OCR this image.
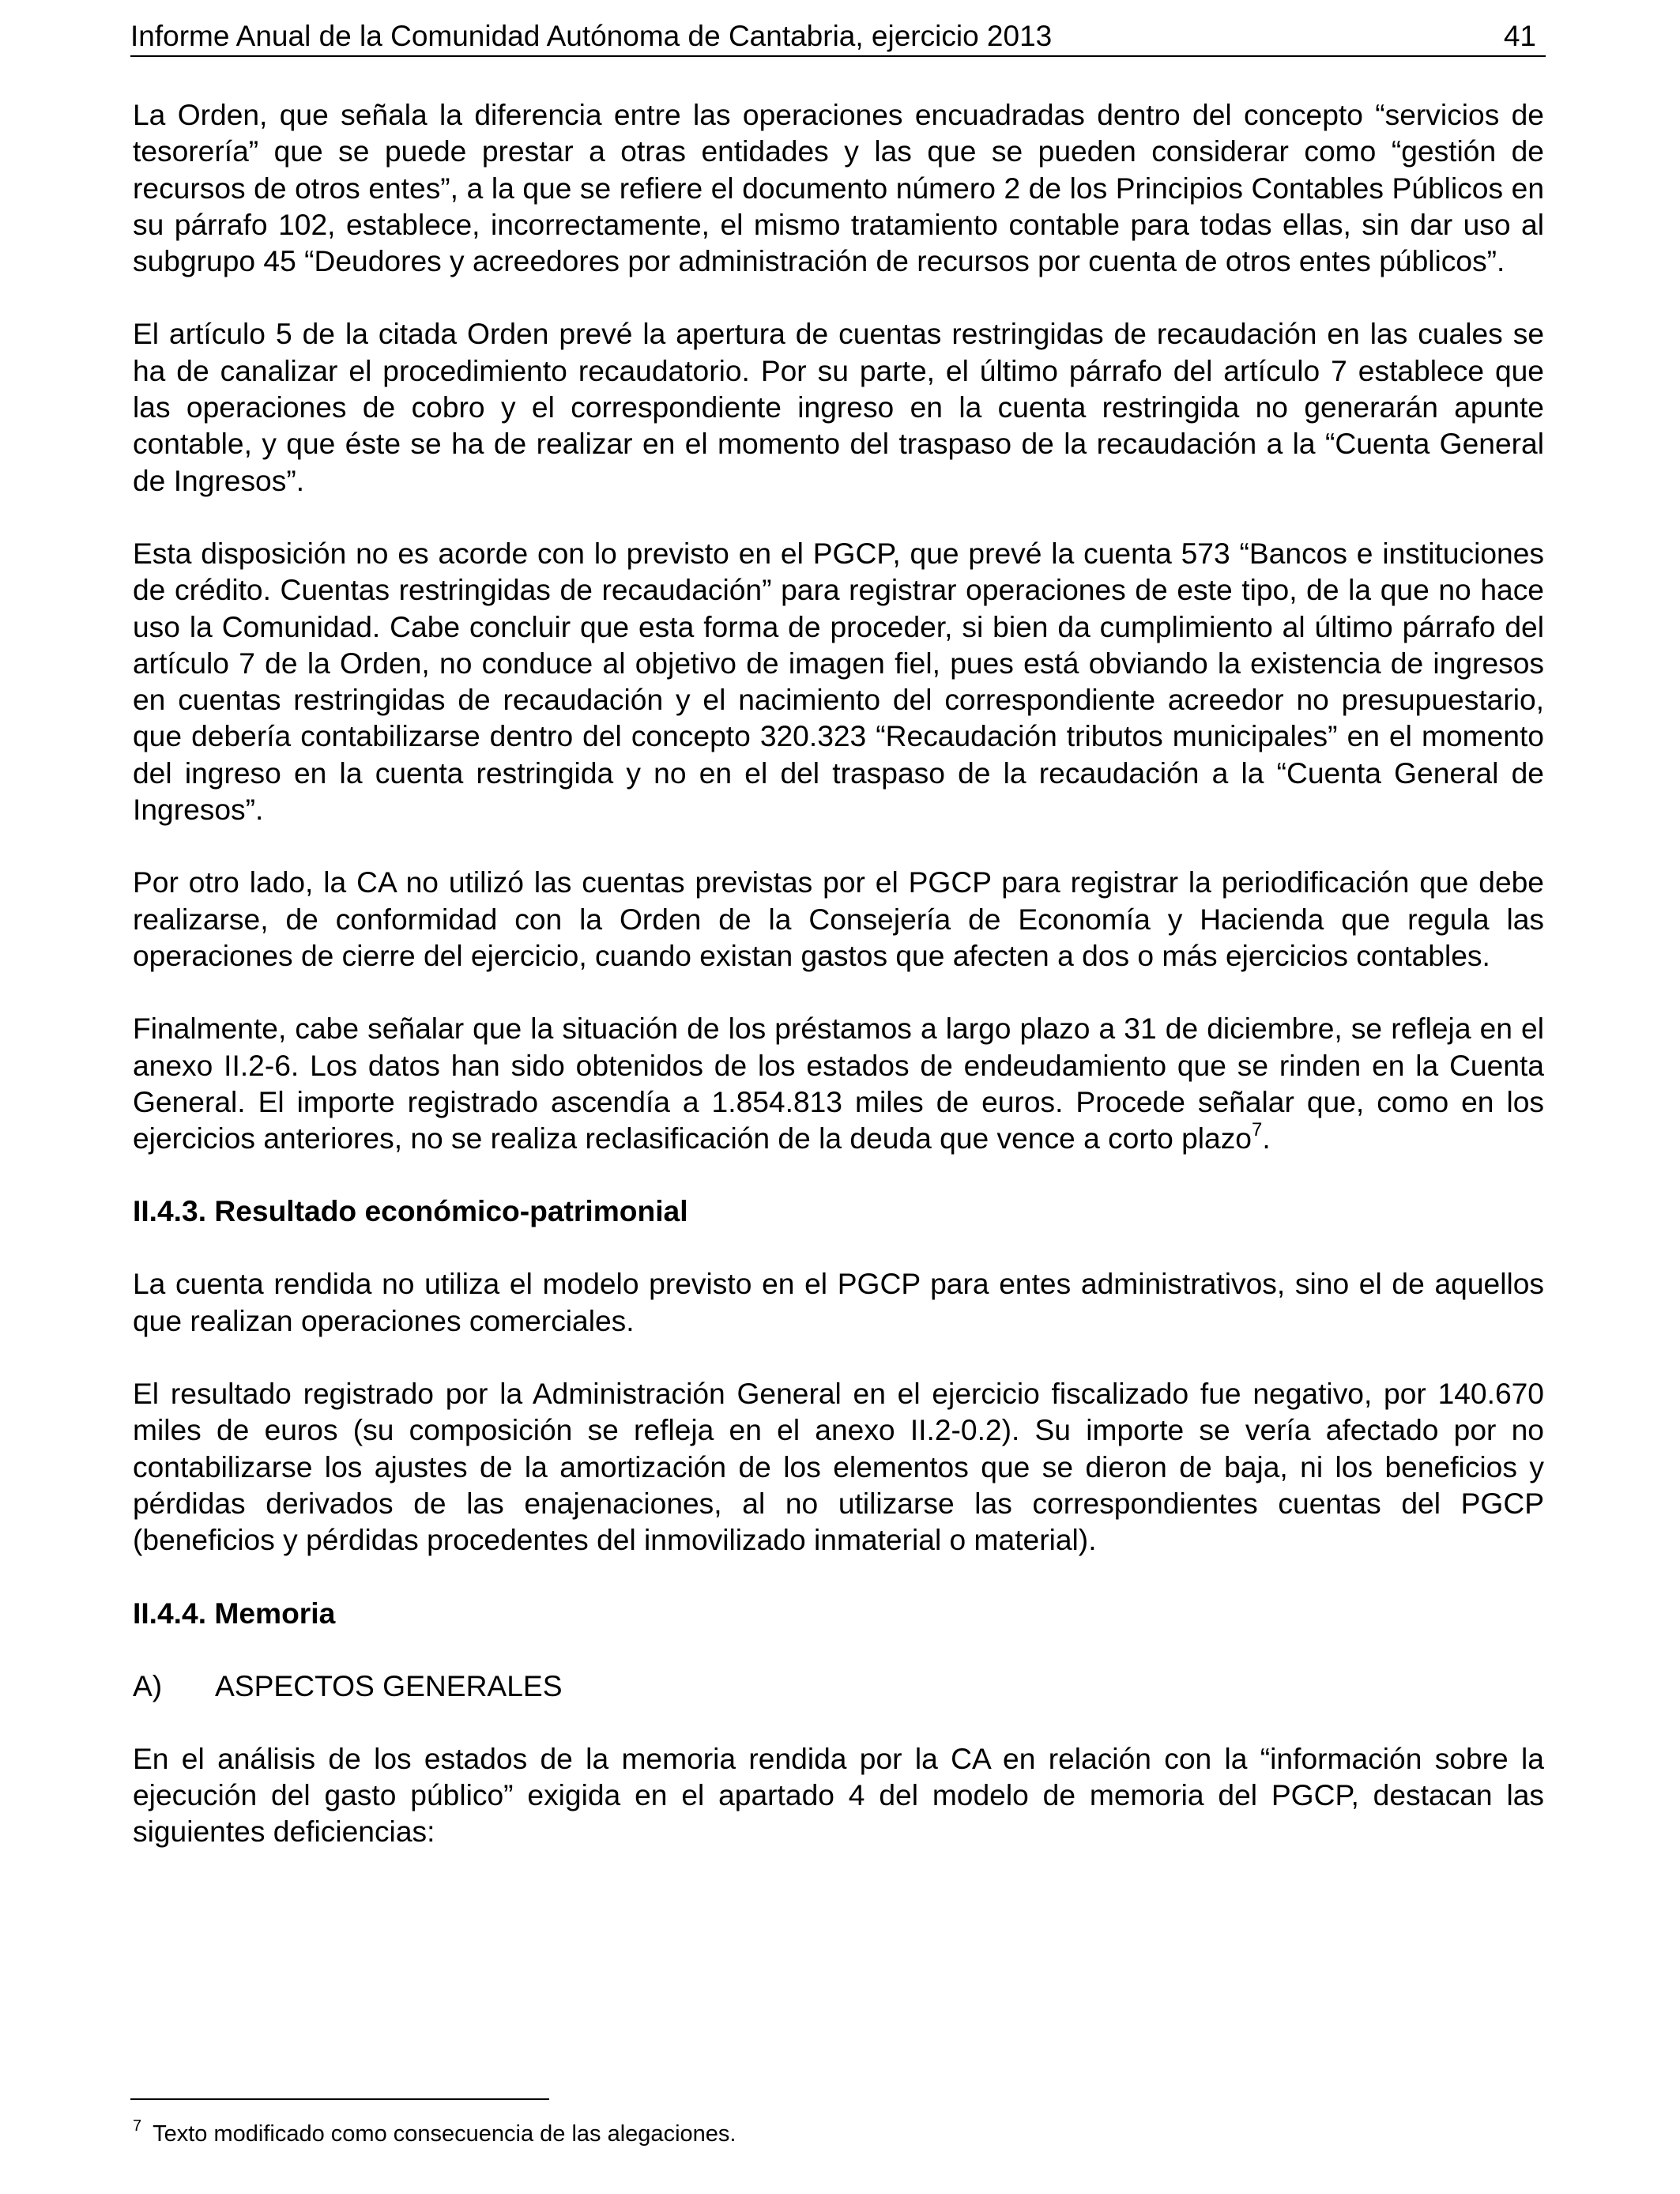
Informe Anual de la Comunidad Autónoma de Cantabria, ejercicio 2013	41

La Orden, que señala la diferencia entre las operaciones encuadradas dentro del concepto “servicios de tesorería” que se puede prestar a otras entidades y las que se pueden considerar como “gestión de recursos de otros entes”, a la que se refiere el documento número 2 de los Principios Contables Públicos en su párrafo 102, establece, incorrectamente, el mismo tratamiento contable para todas ellas, sin dar uso al subgrupo 45 “Deudores y acreedores por administración de recursos por cuenta de otros entes públicos”.

El artículo 5 de la citada Orden prevé la apertura de cuentas restringidas de recaudación en las cuales se ha de canalizar el procedimiento recaudatorio. Por su parte, el último párrafo del artículo 7 establece que las operaciones de cobro y el correspondiente ingreso en la cuenta restringida no generarán apunte contable, y que éste se ha de realizar en el momento del traspaso de la recaudación a la “Cuenta General de Ingresos”.

Esta disposición no es acorde con lo previsto en el PGCP, que prevé la cuenta 573 “Bancos e instituciones de crédito. Cuentas restringidas de recaudación” para registrar operaciones de este tipo, de la que no hace uso la Comunidad. Cabe concluir que esta forma de proceder, si bien da cumplimiento al último párrafo del artículo 7 de la Orden, no conduce al objetivo de imagen fiel, pues está obviando la existencia de ingresos en cuentas restringidas de recaudación y el nacimiento del correspondiente acreedor no presupuestario, que debería contabilizarse dentro del concepto 320.323 “Recaudación tributos municipales” en el momento del ingreso en la cuenta restringida y no en el del traspaso de la recaudación a la “Cuenta General de Ingresos”.

Por otro lado, la CA no utilizó las cuentas previstas por el PGCP para registrar la periodificación que debe realizarse, de conformidad con la Orden de la Consejería de Economía y Hacienda que regula las operaciones de cierre del ejercicio, cuando existan gastos que afecten a dos o más ejercicios contables.

Finalmente, cabe señalar que la situación de los préstamos a largo plazo a 31 de diciembre, se refleja en el anexo II.2-6. Los datos han sido obtenidos de los estados de endeudamiento que se rinden en la Cuenta General. El importe registrado ascendía a 1.854.813 miles de euros. Procede señalar que, como en los ejercicios anteriores, no se realiza reclasificación de la deuda que vence a corto plazo$^7$.

II.4.3. Resultado económico-patrimonial

La cuenta rendida no utiliza el modelo previsto en el PGCP para entes administrativos, sino el de aquellos que realizan operaciones comerciales.

El resultado registrado por la Administración General en el ejercicio fiscalizado fue negativo, por 140.670 miles de euros (su composición se refleja en el anexo II.2-0.2). Su importe se vería afectado por no contabilizarse los ajustes de la amortización de los elementos que se dieron de baja, ni los beneficios y pérdidas derivados de las enajenaciones, al no utilizarse las correspondientes cuentas del PGCP (beneficios y pérdidas procedentes del inmovilizado inmaterial o material).

II.4.4. Memoria
A) ASPECTOS GENERALES

En el análisis de los estados de la memoria rendida por la CA en relación con la “información sobre la ejecución del gasto público” exigida en el apartado 4 del modelo de memoria del PGCP, destacan las siguientes deficiencias:

$^7$ Texto modificado como consecuencia de las alegaciones.
